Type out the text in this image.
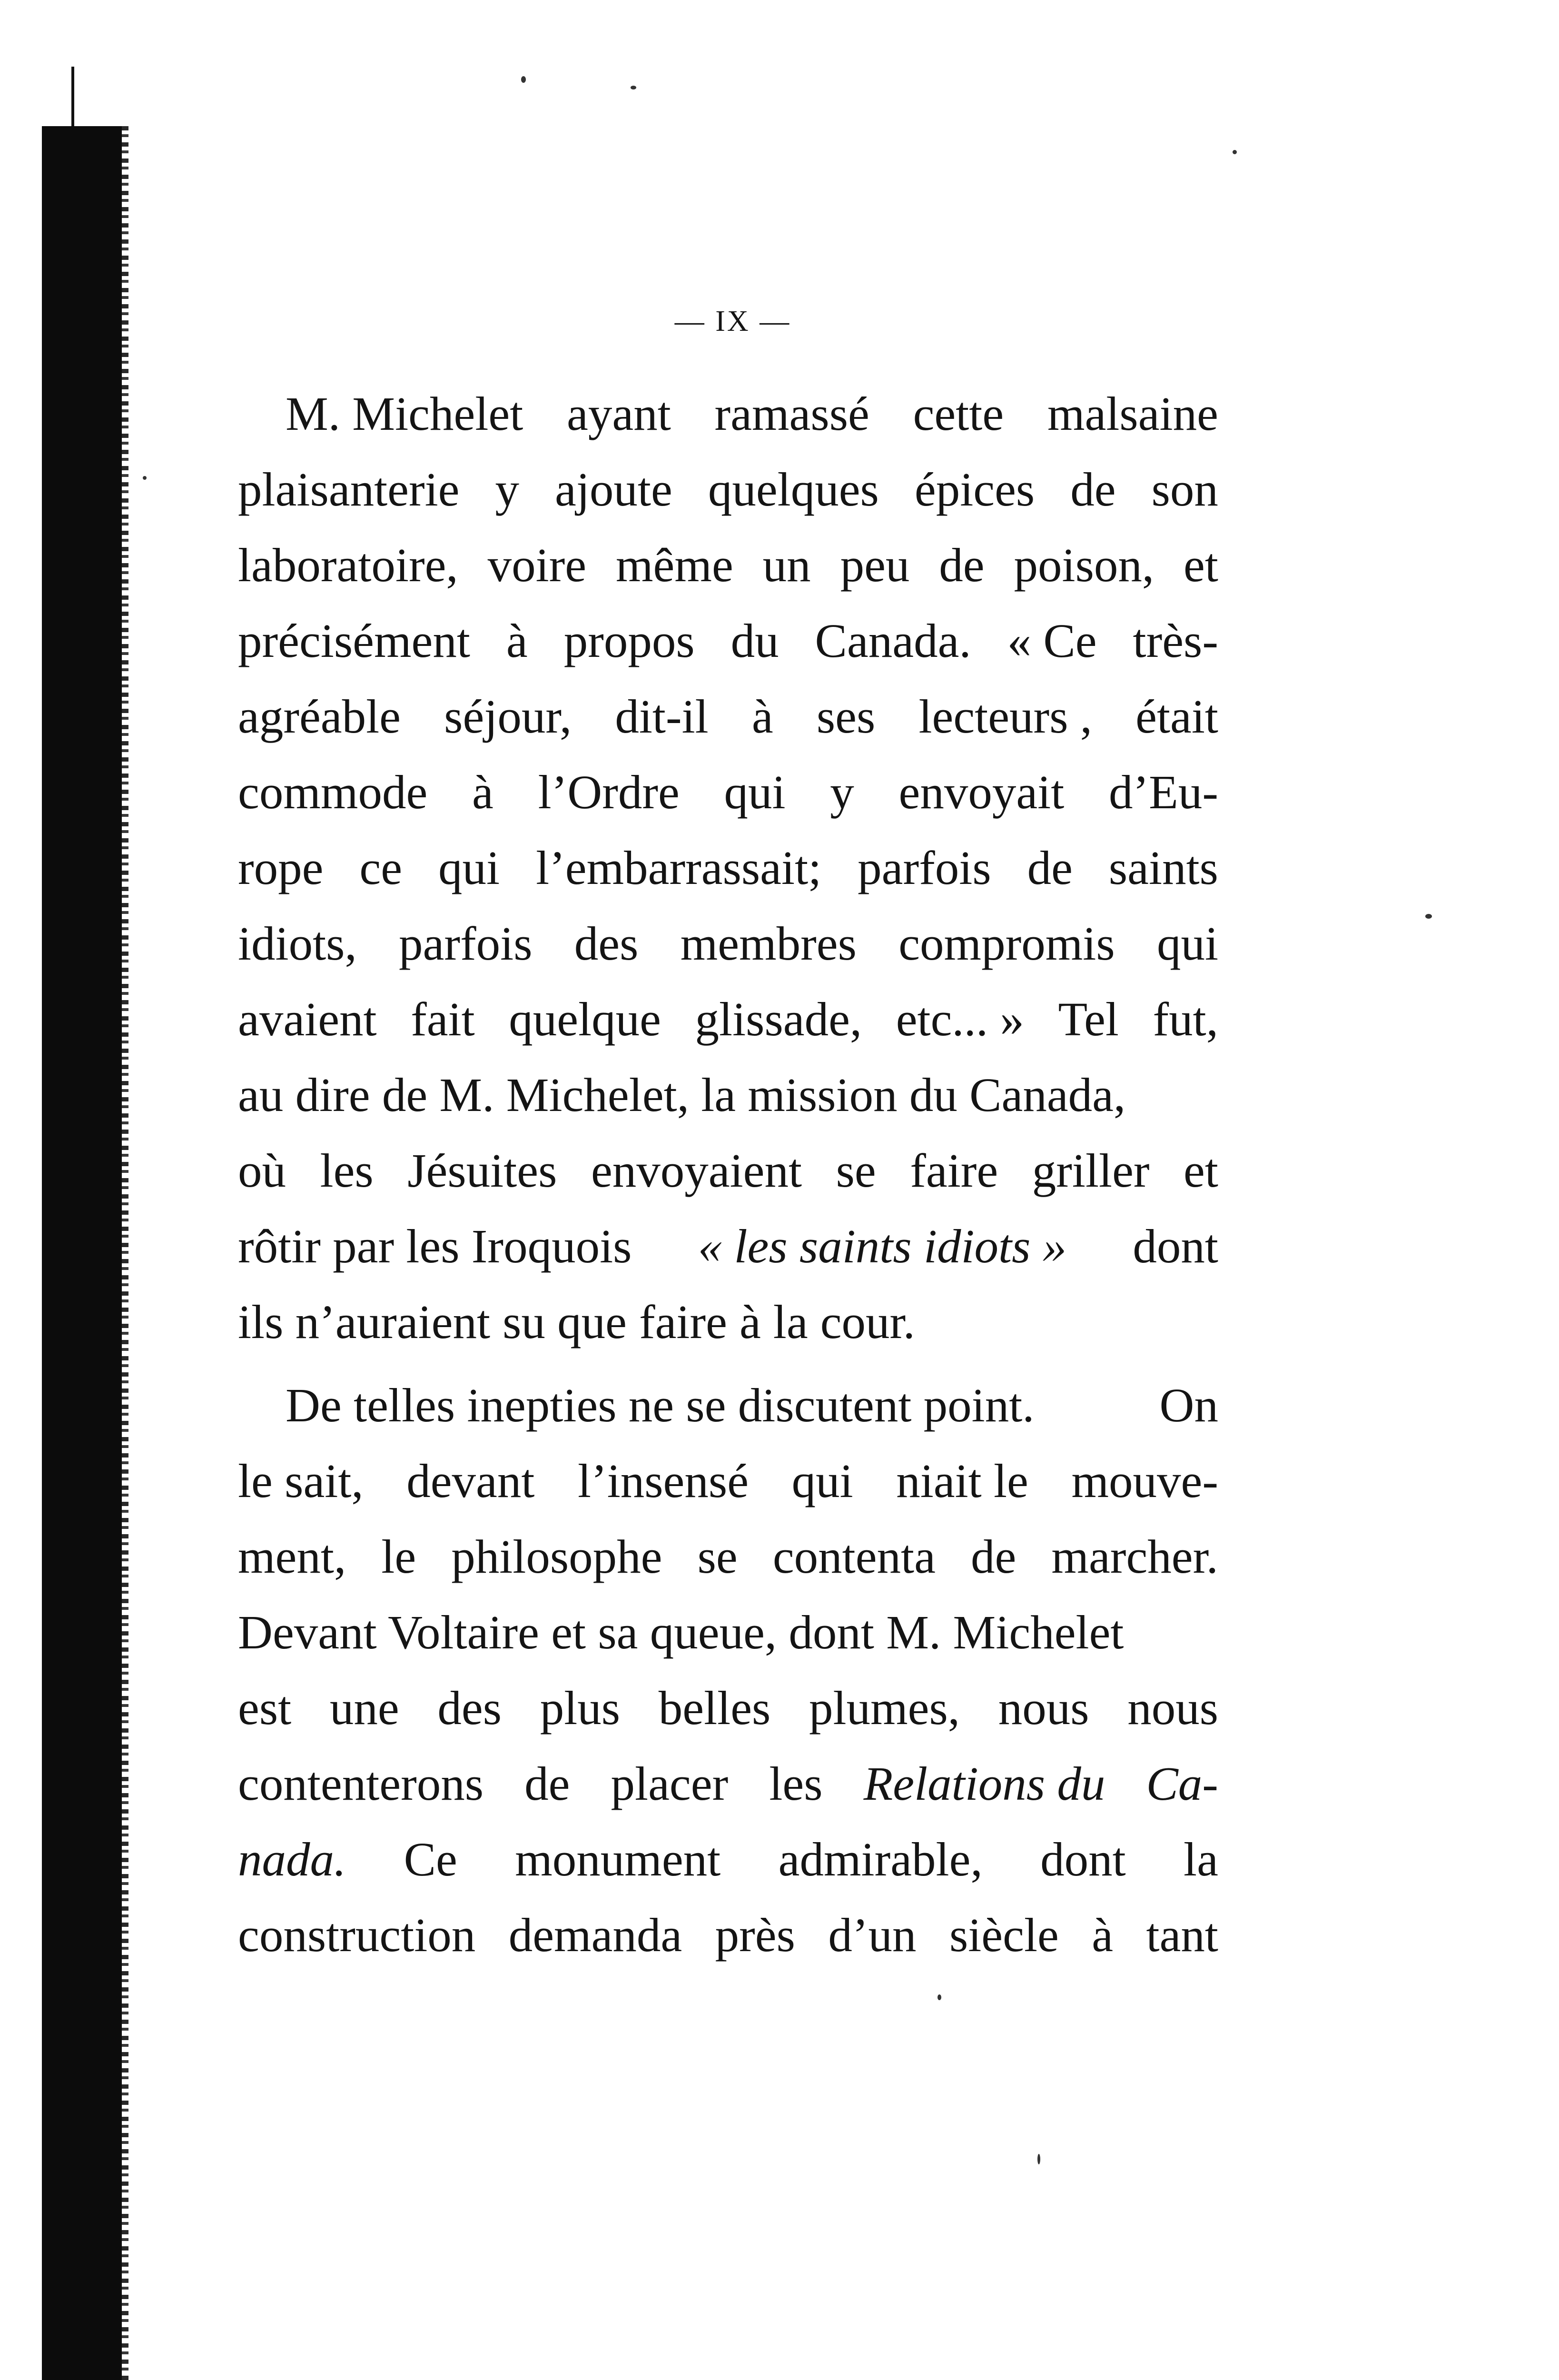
— IX —
M. Michelet ayant ramassé cette malsaine
plaisanterie y ajoute quelques épices de son
laboratoire, voire même un peu de poison, et
précisément à propos du Canada. « Ce très-
agréable séjour, dit-il à ses lecteurs , était
commode à l’Ordre qui y envoyait d’Eu-
rope ce qui l’embarrassait; parfois de saints
idiots, parfois des membres compromis qui
avaient fait quelque glissade, etc... » Tel fut,
au dire de M. Michelet, la mission du Canada,
où les Jésuites envoyaient se faire griller et
rôtir par les Iroquois « les saints idiots » dont
ils n’auraient su que faire à la cour.
De telles inepties ne se discutent point.	On
le sait, devant l’insensé qui niait le mouve-
ment, le philosophe se contenta de marcher.
Devant Voltaire et sa queue, dont M. Michelet
est une des plus belles plumes, nous nous
contenterons de placer les Relations du Ca-
nada. Ce monument admirable, dont la
construction demanda près d’un siècle à tant
